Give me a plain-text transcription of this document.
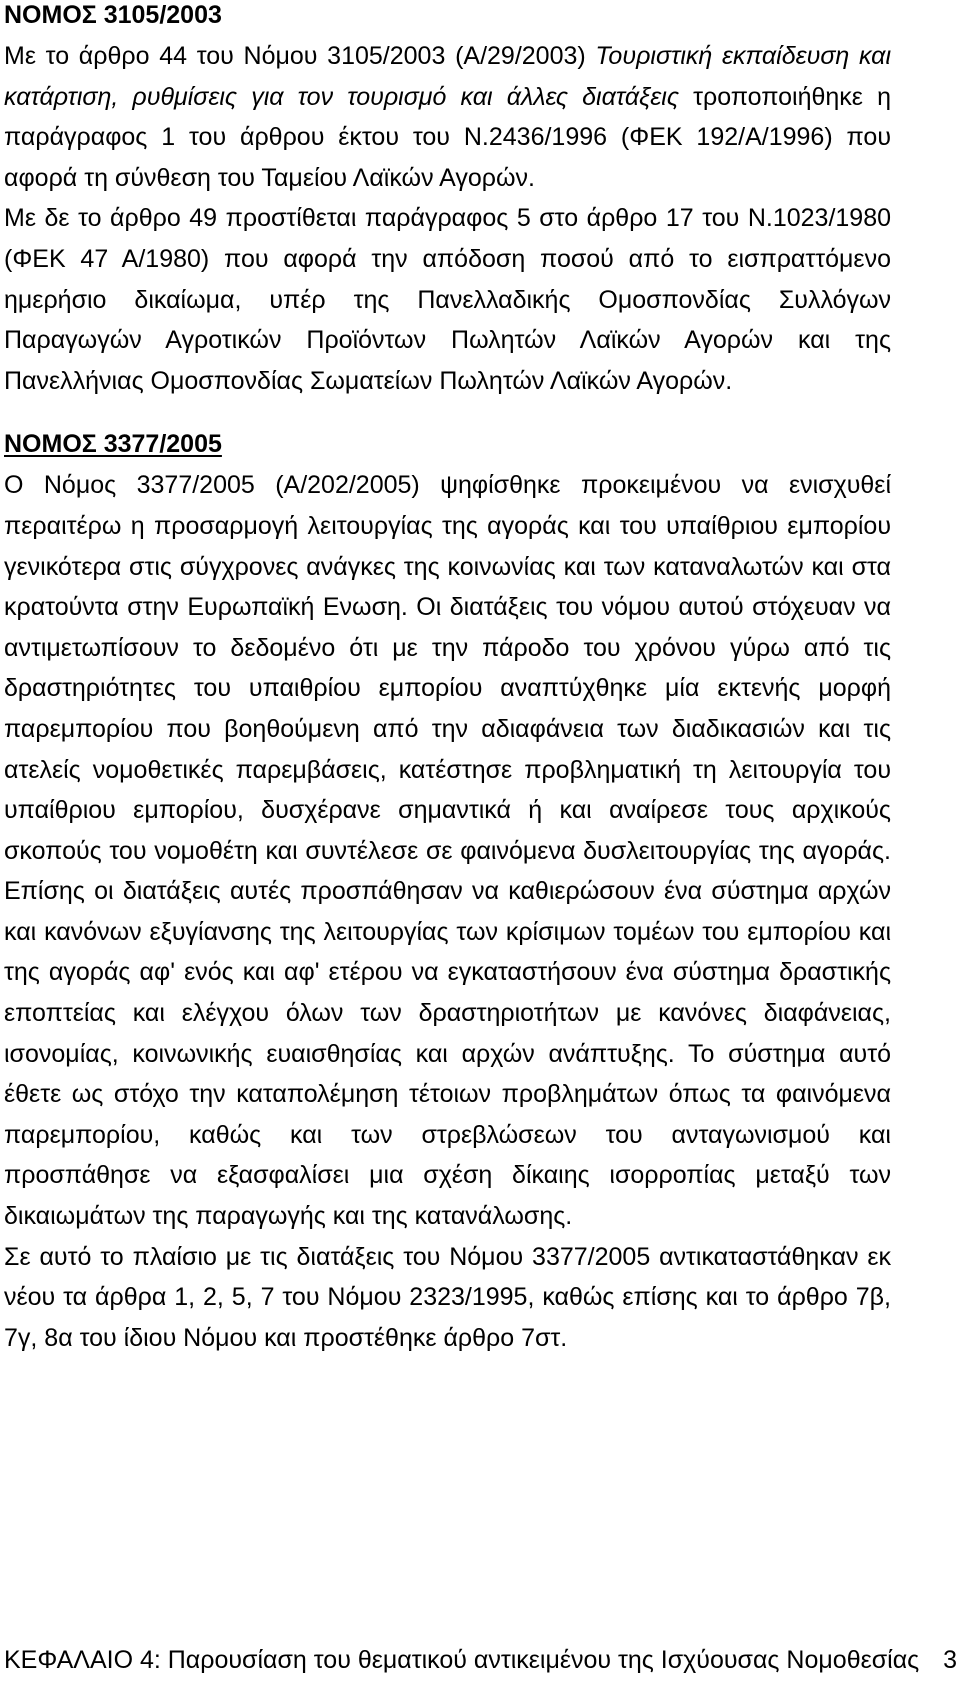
ΝΟΜΟΣ 3105/2003

Με το άρθρο 44 του Νόμου 3105/2003 (Α/29/2003) Τουριστική εκπαίδευση και κατάρτιση, ρυθμίσεις για τον τουρισμό και άλλες διατάξεις τροποποιήθηκε η παράγραφος 1 του άρθρου έκτου του Ν.2436/1996 (ΦΕΚ 192/Α/1996) που αφορά τη σύνθεση του Ταμείου Λαϊκών Αγορών.

Με δε το άρθρο 49 προστίθεται παράγραφος 5 στο άρθρο 17 του Ν.1023/1980 (ΦΕΚ 47 Α/1980) που αφορά την απόδοση ποσού από το εισπραττόμενο ημερήσιο δικαίωμα, υπέρ της Πανελλαδικής Ομοσπονδίας Συλλόγων Παραγωγών Αγροτικών Προϊόντων Πωλητών Λαϊκών Αγορών και της Πανελλήνιας Ομοσπονδίας Σωματείων Πωλητών Λαϊκών Αγορών.

ΝΟΜΟΣ 3377/2005

Ο Νόμος 3377/2005 (Α/202/2005) ψηφίσθηκε προκειμένου να ενισχυθεί περαιτέρω η προσαρμογή λειτουργίας της αγοράς και του υπαίθριου εμπορίου γενικότερα στις σύγχρονες ανάγκες της κοινωνίας και των καταναλωτών και στα κρατούντα στην Ευρωπαϊκή Ενωση. Οι διατάξεις του νόμου αυτού στόχευαν να αντιμετωπίσουν το δεδομένο ότι με την πάροδο του χρόνου γύρω από τις δραστηριότητες του υπαιθρίου εμπορίου αναπτύχθηκε μία εκτενής μορφή παρεμπορίου που βοηθούμενη από την αδιαφάνεια των διαδικασιών και τις ατελείς νομοθετικές παρεμβάσεις, κατέστησε προβληματική τη λειτουργία του υπαίθριου εμπορίου, δυσχέρανε σημαντικά ή και αναίρεσε τους αρχικούς σκοπούς του νομοθέτη και συντέλεσε σε φαινόμενα δυσλειτουργίας της αγοράς. Επίσης οι διατάξεις αυτές προσπάθησαν να καθιερώσουν ένα σύστημα αρχών και κανόνων εξυγίανσης της λειτουργίας των κρίσιμων τομέων του εμπορίου και της αγοράς αφ' ενός και αφ' ετέρου να εγκαταστήσουν ένα σύστημα δραστικής εποπτείας και ελέγχου όλων των δραστηριοτήτων με κανόνες διαφάνειας, ισονομίας, κοινωνικής ευαισθησίας και αρχών ανάπτυξης. Το σύστημα αυτό έθετε ως στόχο την καταπολέμηση τέτοιων προβλημάτων όπως τα φαινόμενα παρεμπορίου, καθώς και των στρεβλώσεων του ανταγωνισμού και προσπάθησε να εξασφαλίσει μια σχέση δίκαιης ισορροπίας μεταξύ των δικαιωμάτων της παραγωγής και της κατανάλωσης.

Σε αυτό το πλαίσιο με τις διατάξεις του Νόμου 3377/2005 αντικαταστάθηκαν εκ νέου τα άρθρα 1, 2, 5, 7 του Νόμου 2323/1995, καθώς επίσης και το άρθρο 7β, 7γ, 8α του ίδιου Νόμου και προστέθηκε άρθρο 7στ.

ΚΕΦΑΛΑΙΟ 4: Παρουσίαση του θεματικού αντικειμένου της Ισχύουσας Νομοθεσίας 3
